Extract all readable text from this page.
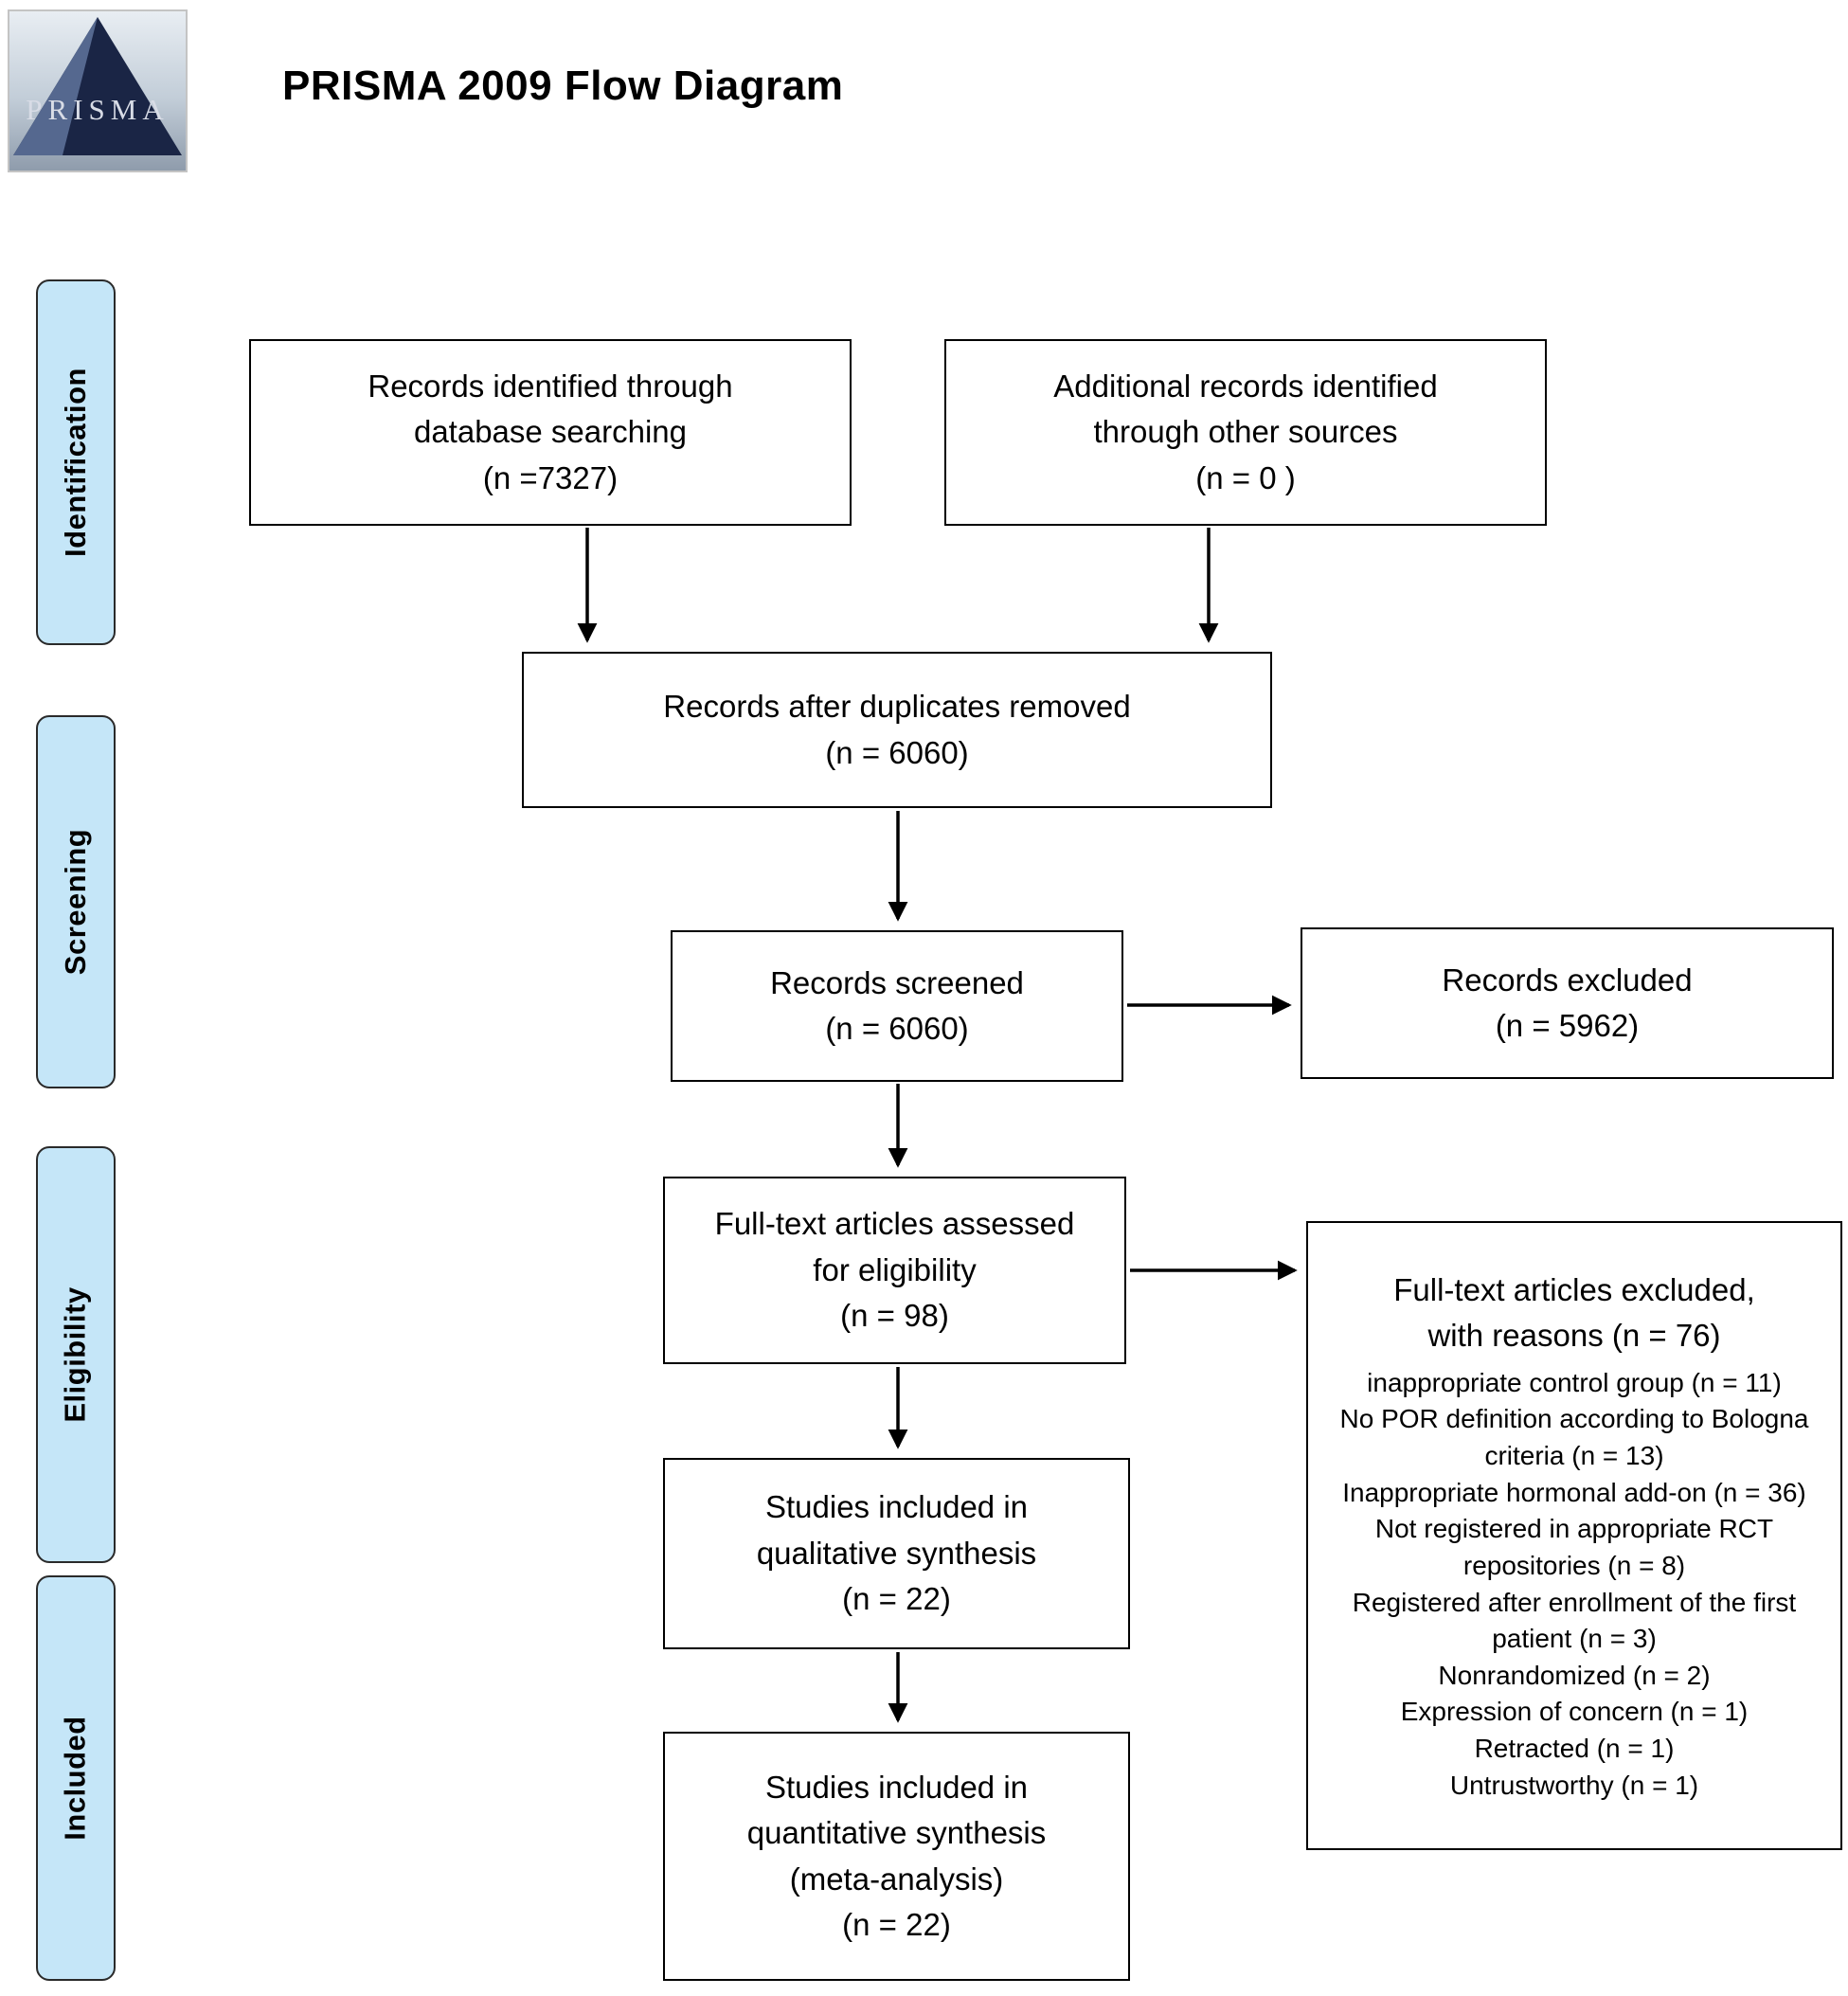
PRISMA
PRISMA 2009 Flow Diagram
Identification
Screening
Eligibility
Included
Records identified through
database searching
(n =7327)
Additional records identified
through other sources
(n = 0 )
Records after duplicates removed
(n = 6060)
Records screened
(n = 6060)
Records excluded
(n = 5962)
Full-text articles assessed
for eligibility
(n = 98)
Full-text articles excluded,
with reasons (n = 76)
inappropriate control group (n = 11)
No POR definition according to Bologna criteria (n = 13)
Inappropriate hormonal add-on (n = 36)
Not registered in appropriate RCT repositories (n = 8)
Registered after enrollment of the first patient (n = 3)
Nonrandomized (n = 2)
Expression of concern (n = 1)
Retracted (n = 1)
Untrustworthy (n = 1)
Studies included in
qualitative synthesis
(n = 22)
Studies included in
quantitative synthesis
(meta-analysis)
(n = 22)
